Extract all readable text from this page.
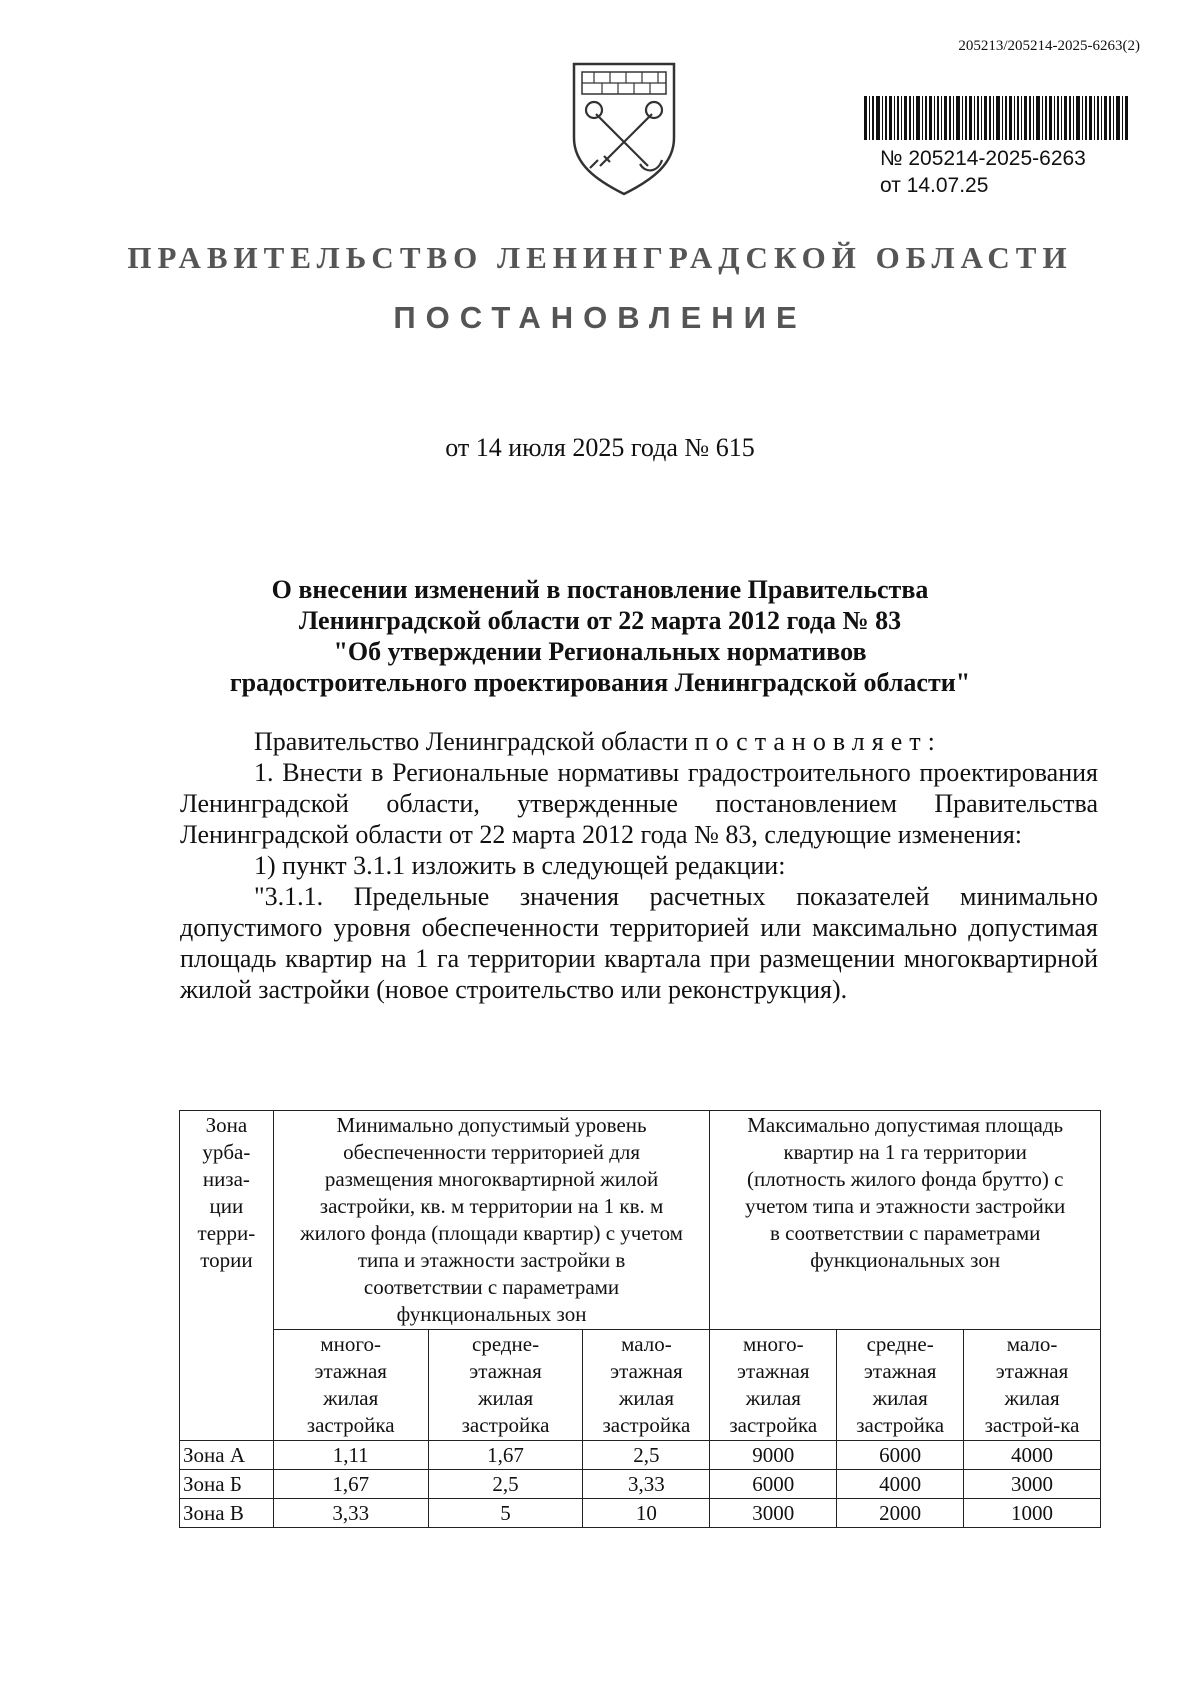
205213/205214-2025-6263(2)
№ 205214-2025-6263
от 14.07.25
ПРАВИТЕЛЬСТВО ЛЕНИНГРАДСКОЙ ОБЛАСТИ
ПОСТАНОВЛЕНИЕ
от 14 июля 2025 года № 615
О внесении изменений в постановление Правительства
Ленинградской области от 22 марта 2012 года № 83
"Об утверждении Региональных нормативов
градостроительного проектирования Ленинградской области"

Правительство Ленинградской области постановляет:

1. Внести в Региональные нормативы градостроительного проектирования Ленинградской области, утвержденные постановлением Правительства Ленинградской области от 22 марта 2012 года № 83, следующие изменения:

1) пункт 3.1.1 изложить в следующей редакции:

"3.1.1. Предельные значения расчетных показателей минимально допустимого уровня обеспеченности территорией или максимально допустимая площадь квартир на 1 га территории квартала при размещении многоквартирной жилой застройки (новое строительство или реконструкция).

Зона урба-низа-ции терри-тории	Минимально допустимый уровень обеспеченности территорией для размещения многоквартирной жилой застройки, кв. м территории на 1 кв. м жилого фонда (площади квартир) с учетом типа и этажности застройки в соответствии с параметрами функциональных зон			Максимально допустимая площадь квартир на 1 га территории (плотность жилого фонда брутто) с учетом типа и этажности застройки в соответствии с параметрами функциональных зон		
	много-этажная жилая застройка	средне-этажная жилая застройка	мало-этажная жилая застройка	много-этажная жилая застройка	средне-этажная жилая застройка	мало-этажная жилая застрой-ка
Зона А	1,11	1,67	2,5	9000	6000	4000
Зона Б	1,67	2,5	3,33	6000	4000	3000
Зона В	3,33	5	10	3000	2000	1000
